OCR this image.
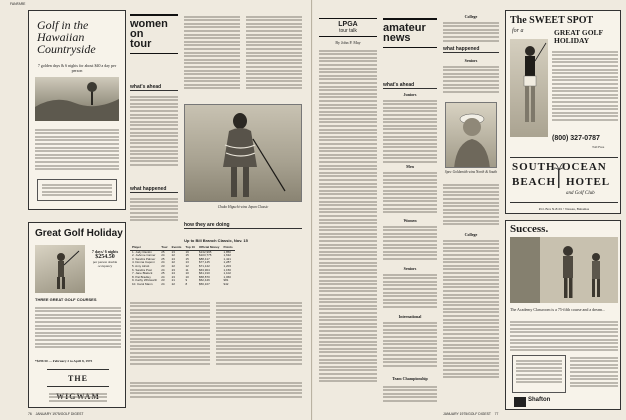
FANFARE
Golf in the
Hawaiian
Countryside
7 golden days & 6 nights for about $40 a day per person
Great Golf Holiday
7 days/ 6 nights
$254.50
per person double occupancy
THREE GREAT GOLF COURSES
*$299.50 — February 2 to April 8, 1975
THE
women
on
tour
what's ahead
what happened
Chako Higuchi wins Japan Classic
how they are doing
Up to Bill Branch Classic, Nov. 15
Player	Tour	Events	Top 10	Official Money	Points
1. Judy Rankin	25	23	19	$132,995	1,850
2. JoAnne Carner	24	22	15	$103,775	1,632
3. Sandra Palmer	25	24	15	$88,417	1,421
4. Donna Caponi	24	22	13	$77,145	1,287
5. Amy Alcott	23	22	12	$71,122	1,203
6. Sandra Post	24	23	11	$63,904	1,150
7. Jane Blalock	25	24	10	$61,310	1,102
8. Pat Bradley	24	23	10	$58,870	1,060
9. Kathy Whitworth	23	21	9	$52,446	981
10. Carol Mann	24	22	8	$50,107	942
76 JANUARY 1975/GOLF DIGEST
LPGA
tour talk
By John P. May
amateur
news
what's ahead
Juniors
Men
Women
Seniors
International
Team Championship
College
what happened
Seniors
Spec Goldsmith wins North & South
College
JANUARY 1975/GOLF DIGEST 77
The SWEET SPOT
for a	GREAT GOLF HOLIDAY
(800) 327-0787
Toll Free
SOUTH OCEAN
BEACH HOTEL
and Golf Club
P.O. Box N-8101 • Nassau, Bahamas
Success.
The Academy Classroom is a 75-fifth course and a dream...
Shafton
